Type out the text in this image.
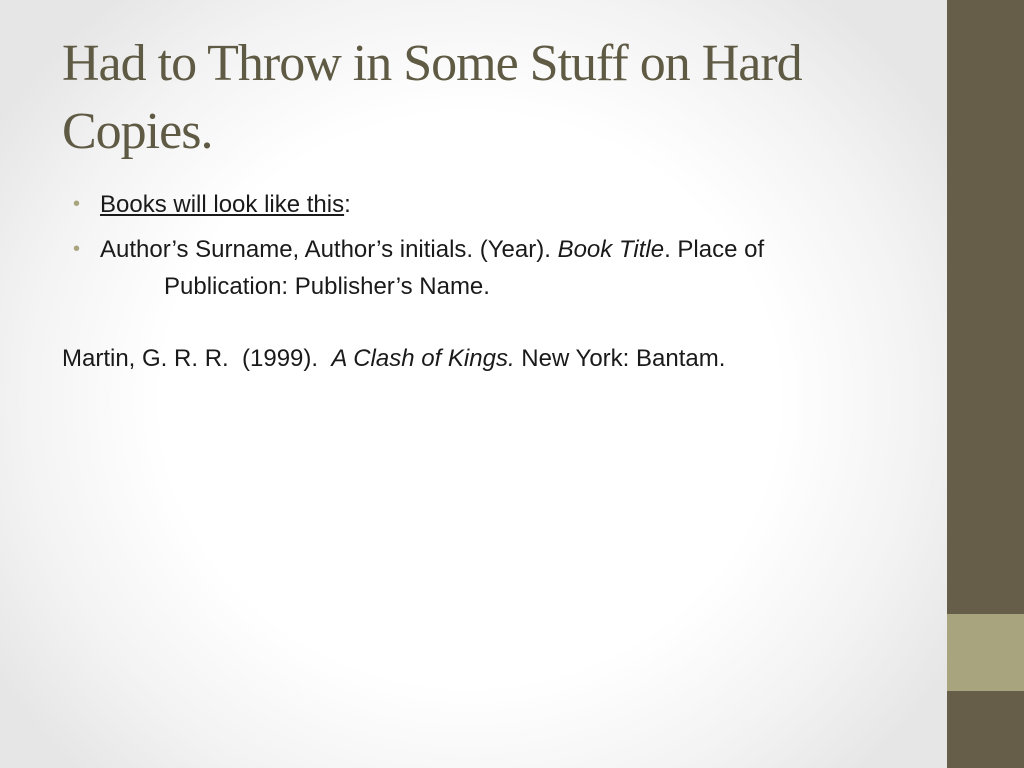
Had to Throw in Some Stuff on Hard Copies.
• Books will look like this:
• Author’s Surname, Author’s initials. (Year). Book Title. Place of
Publication: Publisher’s Name.

Martin, G. R. R.  (1999).  A Clash of Kings. New York: Bantam.
